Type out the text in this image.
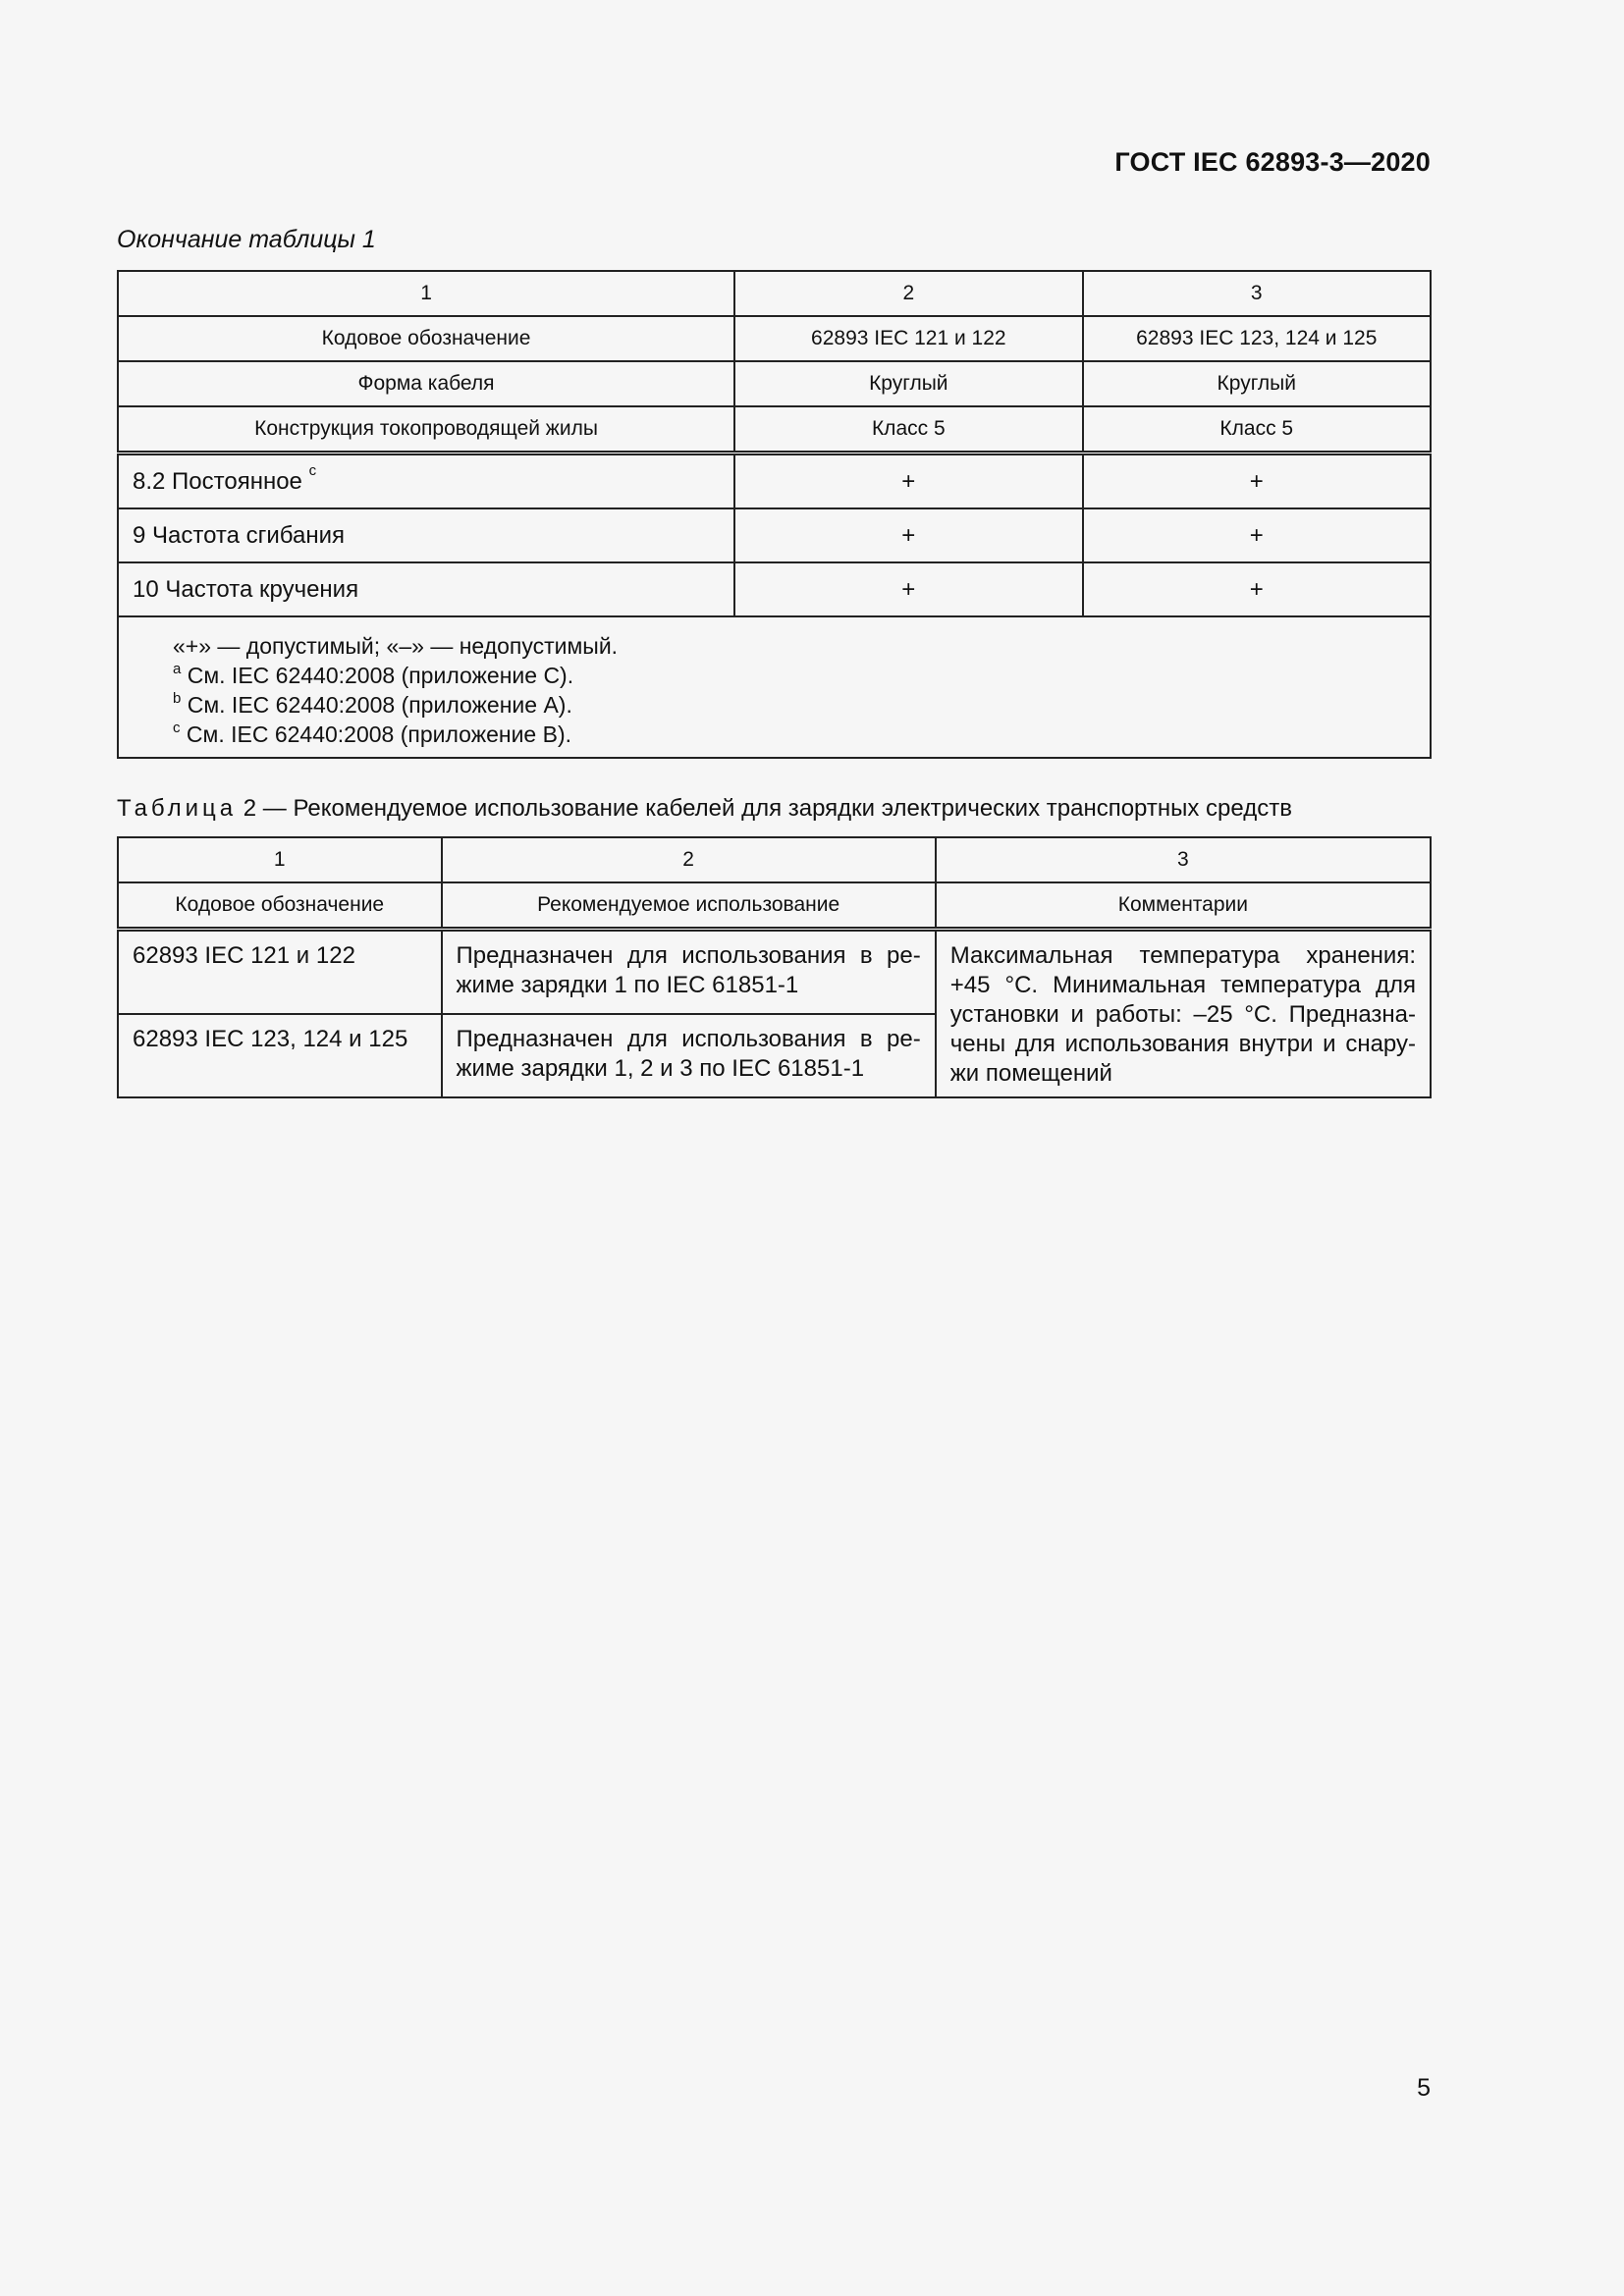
ГОСТ IEC 62893-3—2020
Окончание таблицы 1
1	2	3
Кодовое обозначение	62893 IEC 121 и 122	62893 IEC 123, 124 и 125
Форма кабеля	Круглый	Круглый
Конструкция токопроводящей жилы	Класс 5	Класс 5
8.2 Постоянное $^c$	+	+
9 Частота сгибания	+	+
10 Частота кручения	+	+

«+» — допустимый; «–» — недопустимый.
$^a$ См. IEC 62440:2008 (приложение С).
$^b$ См. IEC 62440:2008 (приложение А).
$^c$ См. IEC 62440:2008 (приложение B).		
Таблица 2 — Рекомендуемое использование кабелей для зарядки электрических транспортных средств
1	2	3
Кодовое обозначение	Рекомендуемое использование	Комментарии
62893 IEC 121 и 122	Предназначен для использования в ре-жиме зарядки 1 по IEC 61851-1	Максимальная температура хранения: +45 °С. Минимальная температура для установки и работы: –25 °С. Предназна-чены для использования внутри и снару-жи помещений
62893 IEC 123, 124 и 125	Предназначен для использования в ре-жиме зарядки 1, 2 и 3 по IEC 61851-1	
5
